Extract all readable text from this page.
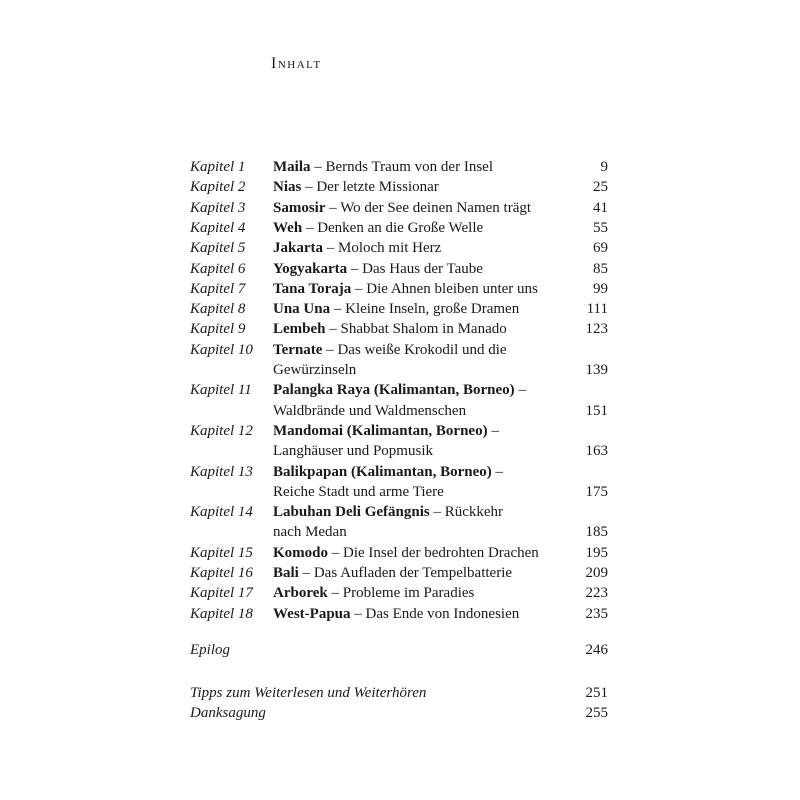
Inhalt
Kapitel 1 Maila – Bernds Traum von der Insel	9
Kapitel 2 Nias – Der letzte Missionar	25
Kapitel 3 Samosir – Wo der See deinen Namen trägt	41
Kapitel 4 Weh – Denken an die Große Welle	55
Kapitel 5 Jakarta – Moloch mit Herz	69
Kapitel 6 Yogyakarta – Das Haus der Taube	85
Kapitel 7 Tana Toraja – Die Ahnen bleiben unter uns	99
Kapitel 8 Una Una – Kleine Inseln, große Dramen	111
Kapitel 9 Lembeh – Shabbat Shalom in Manado	123
Kapitel 10 Ternate – Das weiße Krokodil und die
Gewürzinseln	139
Kapitel 11 Palangka Raya (Kalimantan, Borneo) –
Waldbrände und Waldmenschen	151
Kapitel 12 Mandomai (Kalimantan, Borneo) –
Langhäuser und Popmusik	163
Kapitel 13 Balikpapan (Kalimantan, Borneo) –
Reiche Stadt und arme Tiere	175
Kapitel 14 Labuhan Deli Gefängnis – Rückkehr
nach Medan	185
Kapitel 15 Komodo – Die Insel der bedrohten Drachen	195
Kapitel 16 Bali – Das Aufladen der Tempelbatterie	209
Kapitel 17 Arborek – Probleme im Paradies	223
Kapitel 18 West-Papua – Das Ende von Indonesien	235
Epilog	246
Tipps zum Weiterlesen und Weiterhören	251
Danksagung	255
